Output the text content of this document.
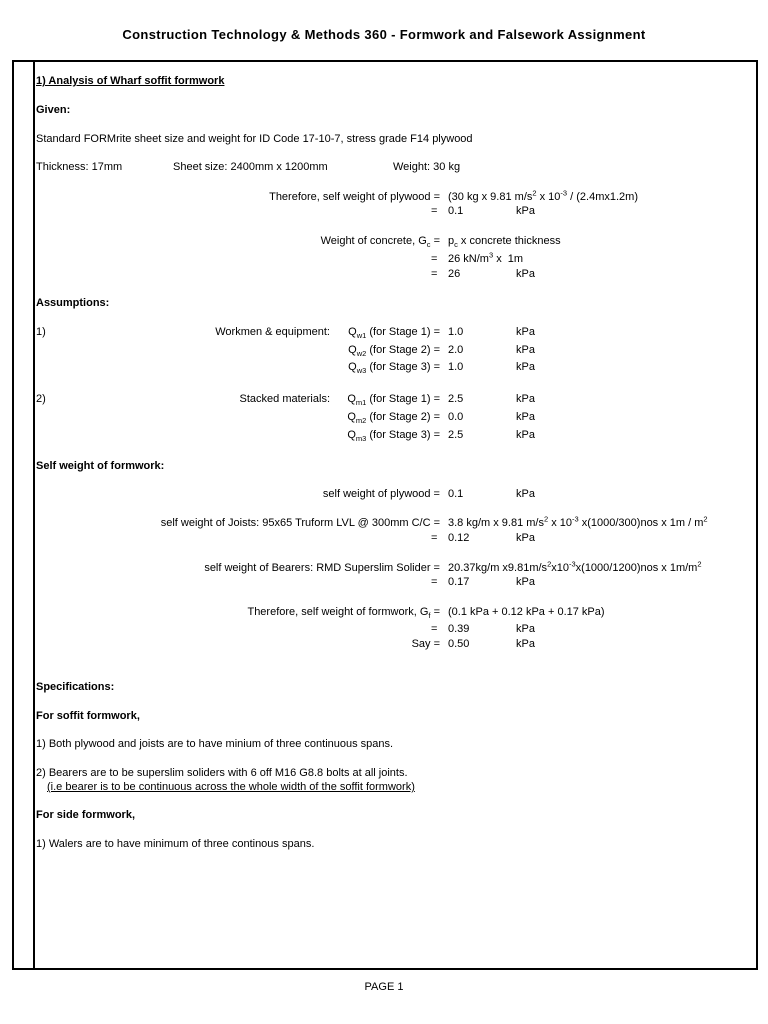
Construction Technology & Methods 360 - Formwork and Falsework Assignment
1) Analysis of Wharf soffit formwork
Given:
Standard FORMrite sheet size and weight for ID Code 17-10-7, stress grade F14 plywood
Thickness: 17mm	Sheet size: 2400mm x 1200mm	Weight: 30 kg
Therefore, self weight of plywood = (30 kg x 9.81 $m/s^2$ x $10^{-3} / (2.4mx1.2m)$
= 0.1	kPa
Weight of concrete, $G_c = p_c$ x concrete thickness
= 26 $kN/m^3$ x  1m
= 26	kPa
Assumptions:
1)	Workmen & equipment: $Q_{w1}$ (for Stage 1) = 1.0	kPa
$Q_{w2}$ (for Stage 2) = 2.0	kPa
$Q_{w3}$ (for Stage 3) = 1.0	kPa
2)	Stacked materials: $Q_{m1}$ (for Stage 1) = 2.5	kPa
$Q_{m2}$ (for Stage 2) = 0.0	kPa
$Q_{m3}$ (for Stage 3) = 2.5	kPa
Self weight of formwork:
self weight of plywood = 0.1	kPa
self weight of Joists: 95x65 Truform LVL @ 300mm C/C = 3.8 kg/m x 9.81 $m/s^2$ x $10^{-3}$ x(1000/300)nos x $1m / m^2$
= 0.12	kPa
self weight of Bearers: RMD Superslim Solider = 20.37kg/m $x9.81m/s^2x10^{-3}x(1000/1200)nos$ x $1m/m^2$
= 0.17	kPa
Therefore, self weight of formwork, $G_f = (0.1$ kPa + 0.12 kPa + 0.17 kPa)
= 0.39	kPa
Say = 0.50	kPa
Specifications:
For soffit formwork,
1) Both plywood and joists are to have minium of three continuous spans.
2) Bearers are to be superslim soliders with 6 off M16 G8.8 bolts at all joints.
(i.e bearer is to be continuous across the whole width of the soffit formwork)
For side formwork,
1) Walers are to have minimum of three continous spans.
PAGE 1
